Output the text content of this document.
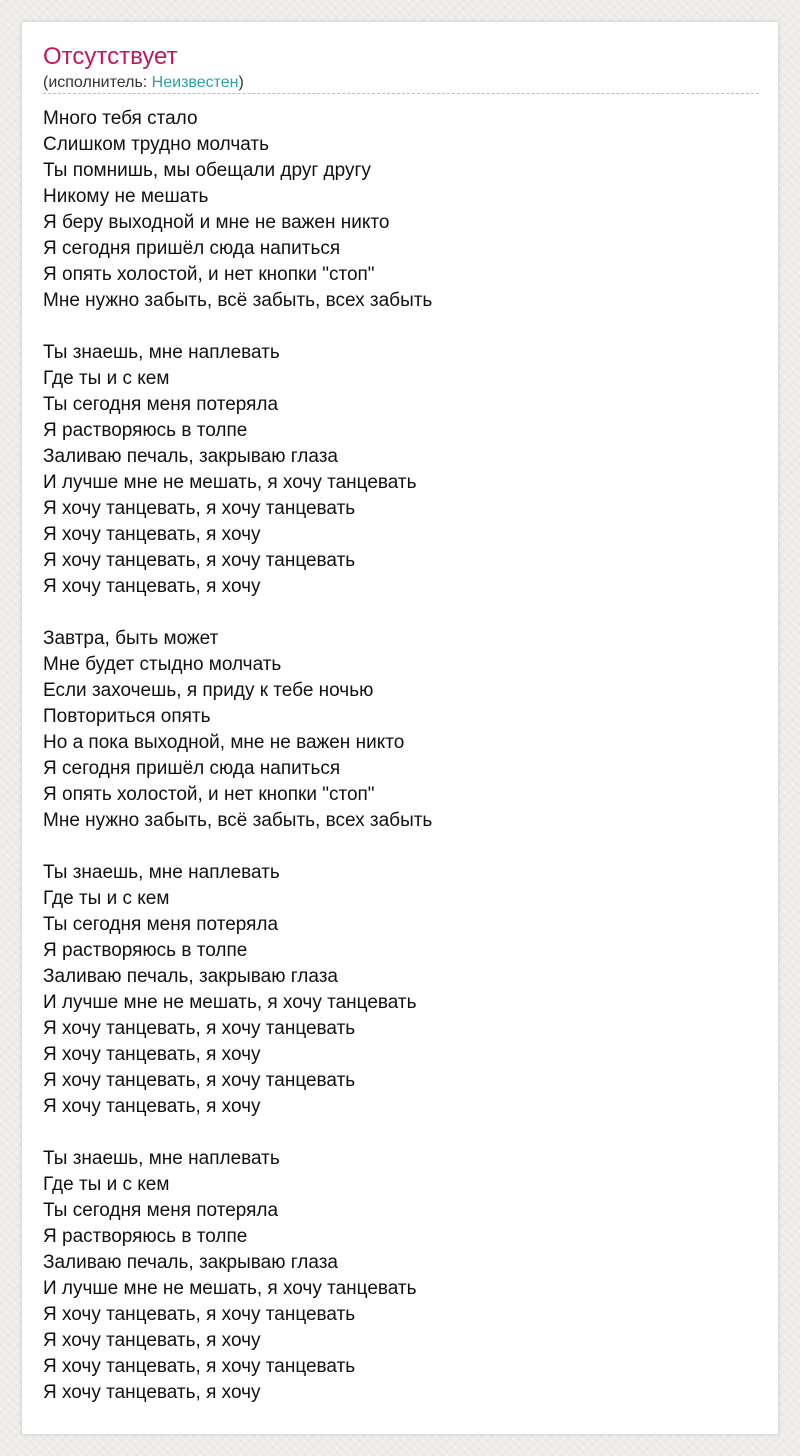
Отсутствует
(исполнитель: Неизвестен)
Много тебя стало
Слишком трудно молчать
Ты помнишь, мы обещали друг другу
Никому не мешать
Я беру выходной и мне не важен никто
Я сегодня пришёл сюда напиться
Я опять холостой, и нет кнопки "стоп"
Мне нужно забыть, всё забыть, всех забыть
Ты знаешь, мне наплевать
Где ты и с кем
Ты сегодня меня потеряла
Я растворяюсь в толпе
Заливаю печаль, закрываю глаза
И лучше мне не мешать, я хочу танцевать
Я хочу танцевать, я хочу танцевать
Я хочу танцевать, я хочу
Я хочу танцевать, я хочу танцевать
Я хочу танцевать, я хочу
Завтра, быть может
Мне будет стыдно молчать
Если захочешь, я приду к тебе ночью
Повториться опять
Но а пока выходной, мне не важен никто
Я сегодня пришёл сюда напиться
Я опять холостой, и нет кнопки "стоп"
Мне нужно забыть, всё забыть, всех забыть
Ты знаешь, мне наплевать
Где ты и с кем
Ты сегодня меня потеряла
Я растворяюсь в толпе
Заливаю печаль, закрываю глаза
И лучше мне не мешать, я хочу танцевать
Я хочу танцевать, я хочу танцевать
Я хочу танцевать, я хочу
Я хочу танцевать, я хочу танцевать
Я хочу танцевать, я хочу
Ты знаешь, мне наплевать
Где ты и с кем
Ты сегодня меня потеряла
Я растворяюсь в толпе
Заливаю печаль, закрываю глаза
И лучше мне не мешать, я хочу танцевать
Я хочу танцевать, я хочу танцевать
Я хочу танцевать, я хочу
Я хочу танцевать, я хочу танцевать
Я хочу танцевать, я хочу
